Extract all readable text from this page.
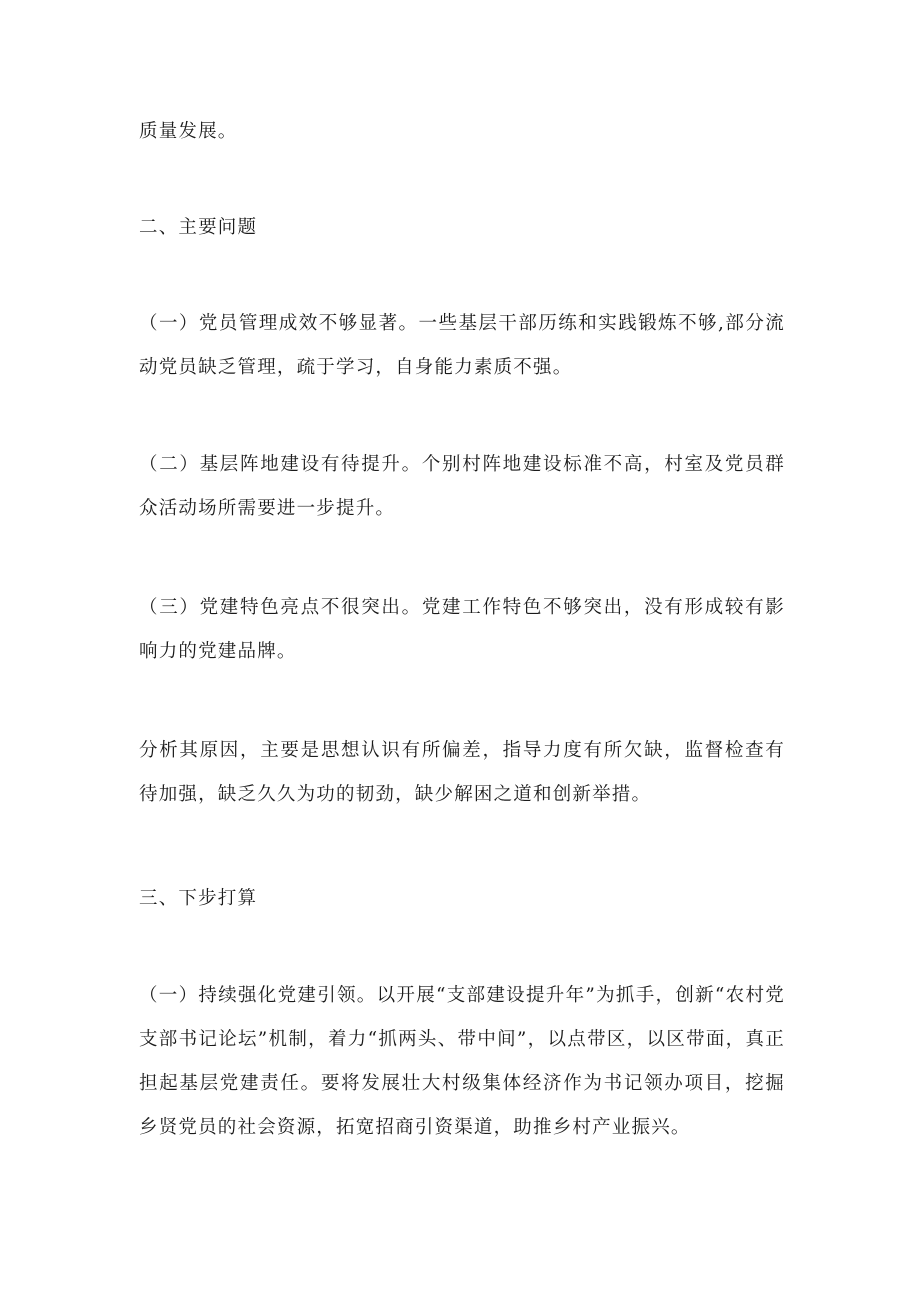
质量发展。

二、主要问题

（一）党员管理成效不够显著。一些基层干部历练和实践锻炼不够,部分流动党员缺乏管理，疏于学习，自身能力素质不强。

（二）基层阵地建设有待提升。个别村阵地建设标准不高，村室及党员群众活动场所需要进一步提升。

（三）党建特色亮点不很突出。党建工作特色不够突出，没有形成较有影响力的党建品牌。

分析其原因，主要是思想认识有所偏差，指导力度有所欠缺，监督检查有待加强，缺乏久久为功的韧劲，缺少解困之道和创新举措。

三、下步打算

（一）持续强化党建引领。以开展“支部建设提升年”为抓手，创新“农村党支部书记论坛”机制，着力“抓两头、带中间”，以点带区，以区带面，真正担起基层党建责任。要将发展壮大村级集体经济作为书记领办项目，挖掘乡贤党员的社会资源，拓宽招商引资渠道，助推乡村产业振兴。
